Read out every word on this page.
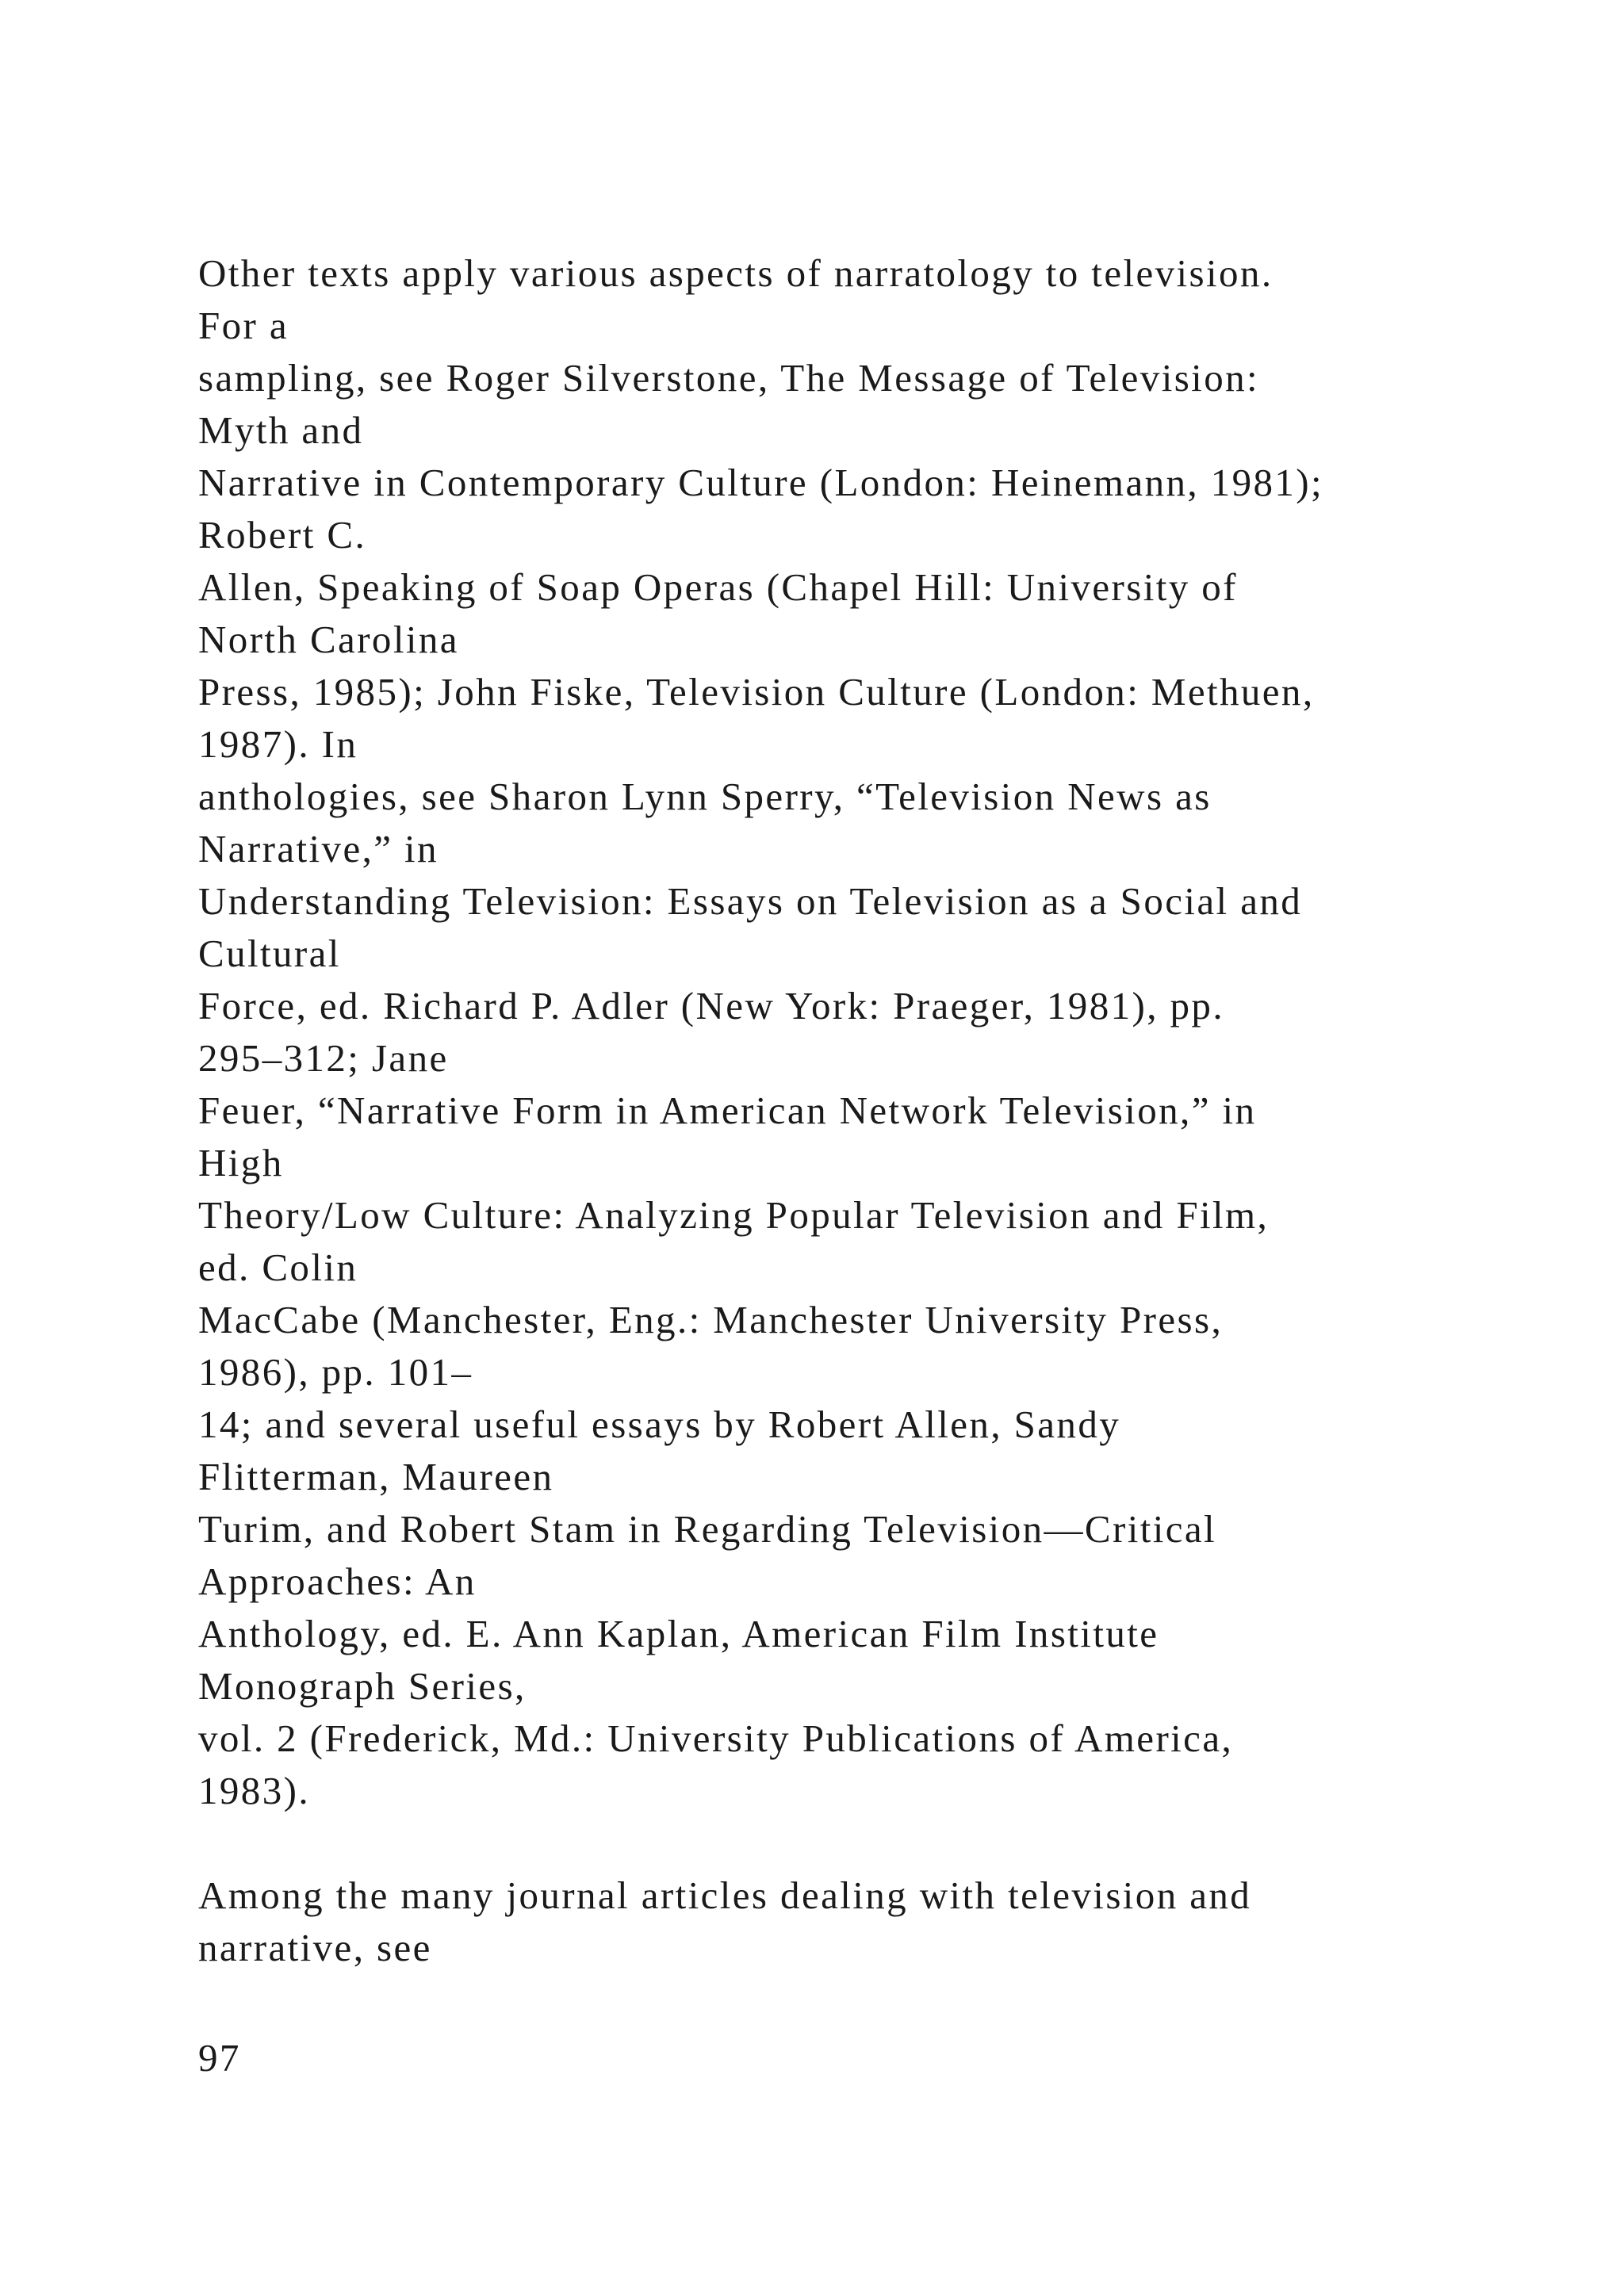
Other texts apply various aspects of narratology to television.
For a
sampling, see Roger Silverstone, The Message of Television:
Myth and
Narrative in Contemporary Culture (London: Heinemann, 1981);
Robert C.
Allen, Speaking of Soap Operas (Chapel Hill: University of
North Carolina
Press, 1985); John Fiske, Television Culture (London: Methuen,
1987). In
anthologies, see Sharon Lynn Sperry, “Television News as
Narrative,” in
Understanding Television: Essays on Television as a Social and
Cultural
Force, ed. Richard P. Adler (New York: Praeger, 1981), pp.
295–312; Jane
Feuer, “Narrative Form in American Network Television,” in
High
Theory/Low Culture: Analyzing Popular Television and Film,
ed. Colin
MacCabe (Manchester, Eng.: Manchester University Press,
1986), pp. 101–
14; and several useful essays by Robert Allen, Sandy
Flitterman, Maureen
Turim, and Robert Stam in Regarding Television—Critical
Approaches: An
Anthology, ed. E. Ann Kaplan, American Film Institute
Monograph Series,
vol. 2 (Frederick, Md.: University Publications of America,
1983).
Among the many journal articles dealing with television and
narrative, see
97
